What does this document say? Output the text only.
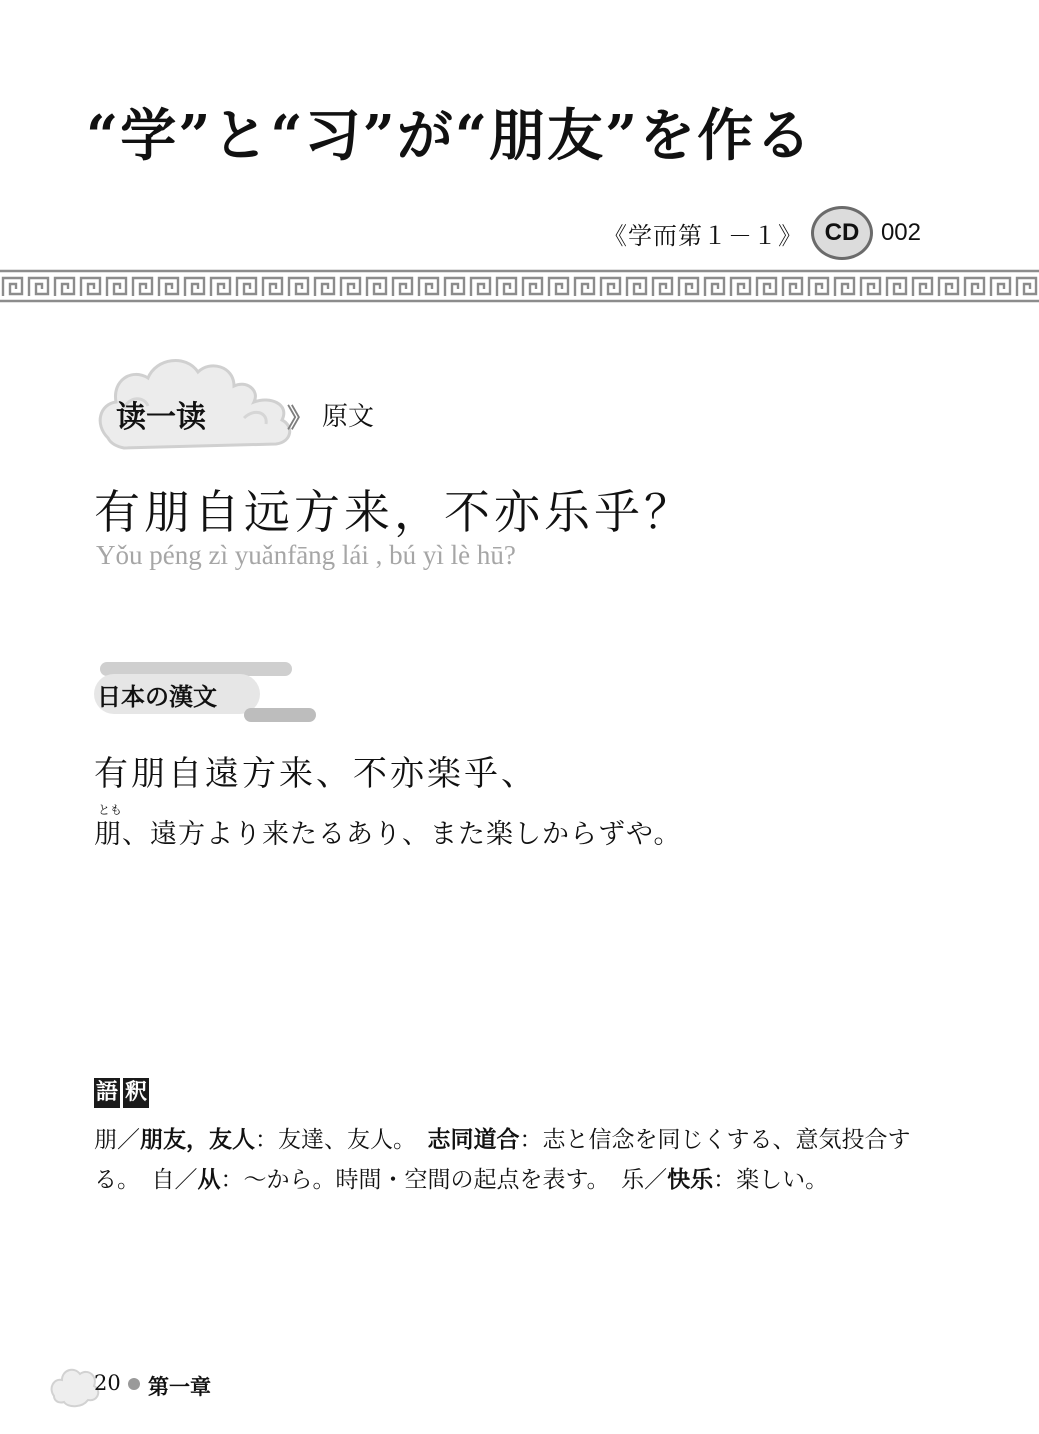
“学”と“习”が“朋友”を作る
《学而第１－１》 CD 002
读一读	》 原文
有朋自远方来，不亦乐乎？
Yǒu péng zì yuǎnfāng lái , bú yì lè hū?
日本の漢文
有朋自遠方来、不亦楽乎、
とも
朋、遠方より来たるあり、また楽しからずや。
語 釈
朋／朋友，友人：友達、友人。　 志同道合：志と信念を同じくする、意気投合する。　 自／从：～から。時間・空間の起点を表す。　 乐／快乐：楽しい。
20 第一章
